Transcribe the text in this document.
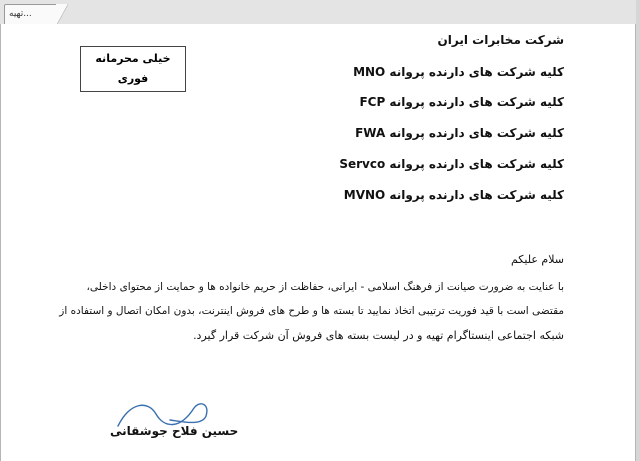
...تهیه
خیلی محرمانه
فوری
شرکت مخابرات ایران
کلیه شرکت های دارنده پروانه MNO
کلیه شرکت های دارنده پروانه FCP
کلیه شرکت های دارنده پروانه FWA
کلیه شرکت های دارنده پروانه Servco
کلیه شرکت های دارنده پروانه MVNO
سلام علیکم
با عنایت به ضرورت صیانت از فرهنگ اسلامی - ایرانی، حفاظت از حریم خانواده ها و حمایت از محتوای داخلی،
مقتضی است با قید فوریت ترتیبی اتخاذ نمایید تا بسته ها و طرح های فروش اینترنت، بدون امکان اتصال و استفاده از
شبکه اجتماعی اینستاگرام تهیه و در لیست بسته های فروش آن شرکت قرار گیرد.
حسین فلاح جوشقانی
